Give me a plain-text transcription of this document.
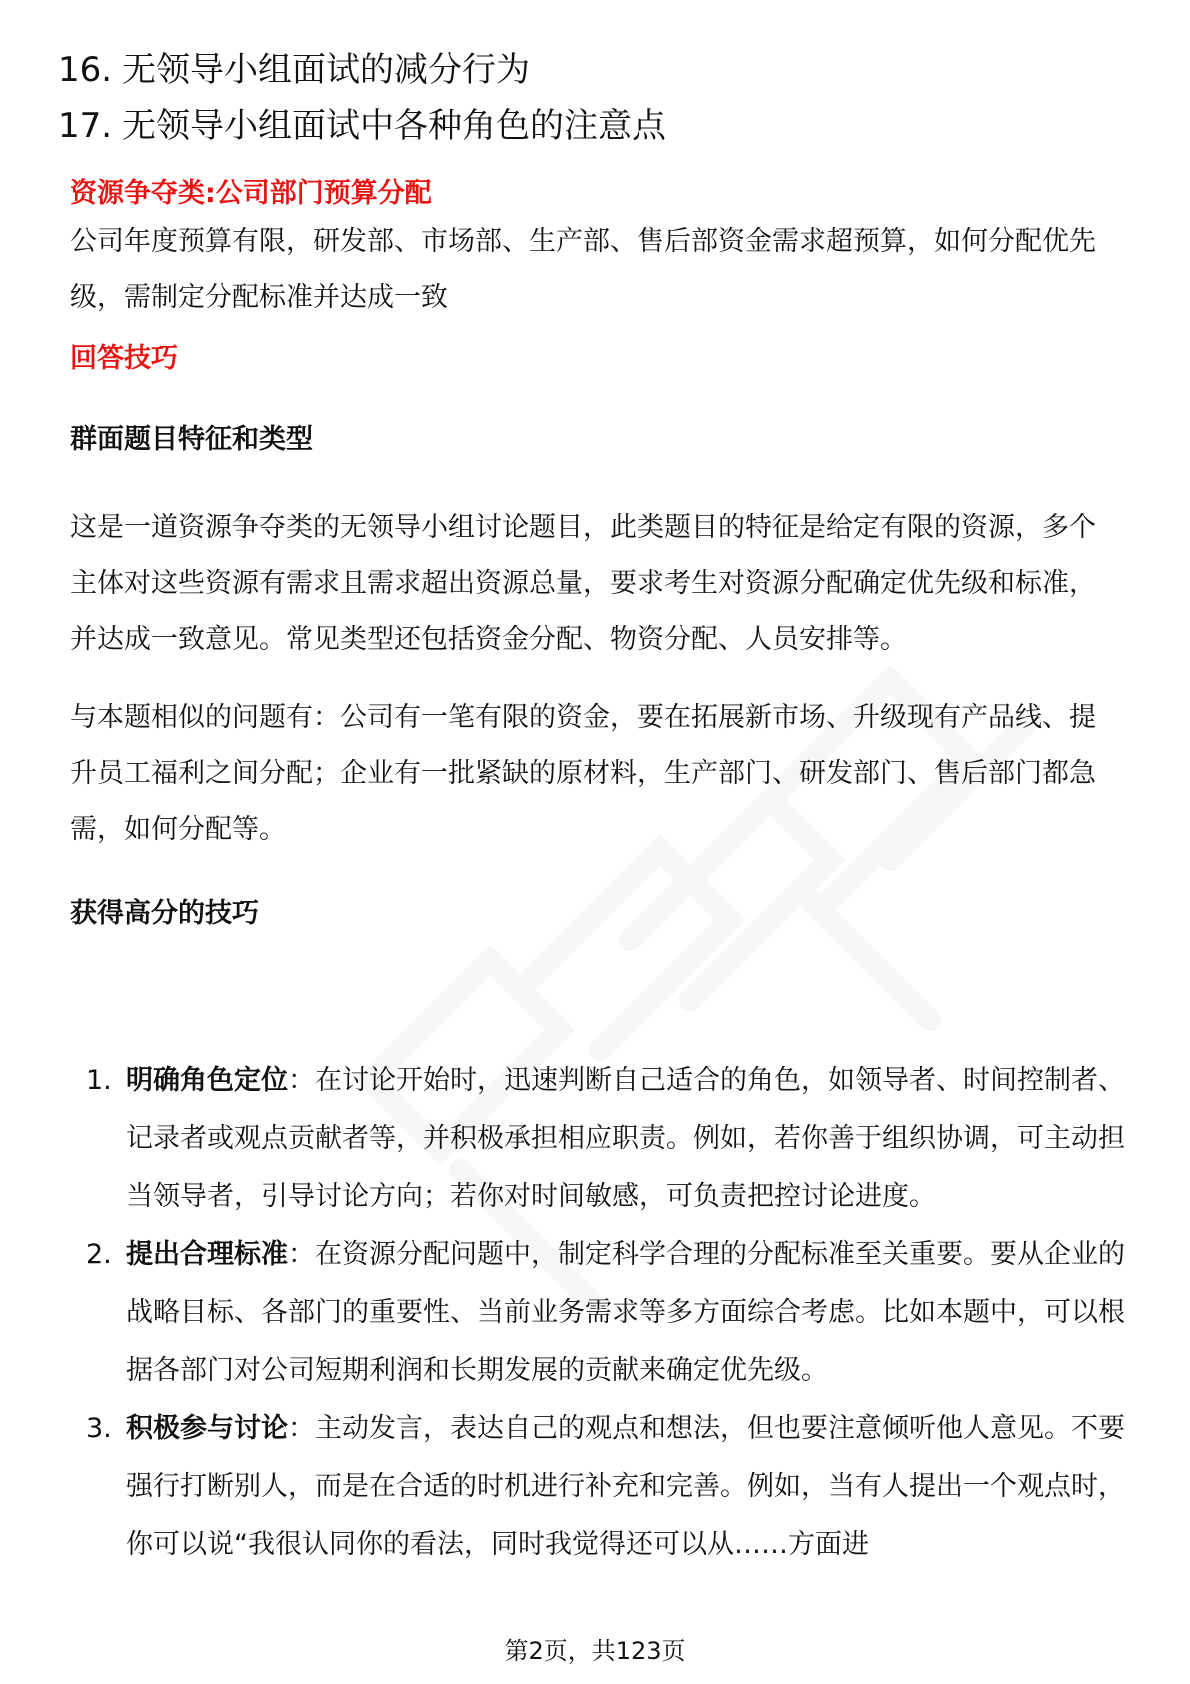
16. 无领导小组面试的减分行为
17. 无领导小组面试中各种角色的注意点
资源争夺类:公司部门预算分配

公司年度预算有限，研发部、市场部、生产部、售后部资金需求超预算，如何分配优先级，需制定分配标准并达成一致

回答技巧
群面题目特征和类型

这是一道资源争夺类的无领导小组讨论题目，此类题目的特征是给定有限的资源，多个主体对这些资源有需求且需求超出资源总量，要求考生对资源分配确定优先级和标准，并达成一致意见。常见类型还包括资金分配、物资分配、人员安排等。

与本题相似的问题有：公司有一笔有限的资金，要在拓展新市场、升级现有产品线、提升员工福利之间分配；企业有一批紧缺的原材料，生产部门、研发部门、售后部门都急需，如何分配等。

获得高分的技巧
1. 明确角色定位：在讨论开始时，迅速判断自己适合的角色，如领导者、时间控制者、记录者或观点贡献者等，并积极承担相应职责。例如，若你善于组织协调，可主动担当领导者，引导讨论方向；若你对时间敏感，可负责把控讨论进度。
2. 提出合理标准：在资源分配问题中，制定科学合理的分配标准至关重要。要从企业的战略目标、各部门的重要性、当前业务需求等多方面综合考虑。比如本题中，可以根据各部门对公司短期利润和长期发展的贡献来确定优先级。
3. 积极参与讨论：主动发言，表达自己的观点和想法，但也要注意倾听他人意见。不要强行打断别人，而是在合适的时机进行补充和完善。例如，当有人提出一个观点时，你可以说“我很认同你的看法，同时我觉得还可以从……方面进
第2页，共123页
